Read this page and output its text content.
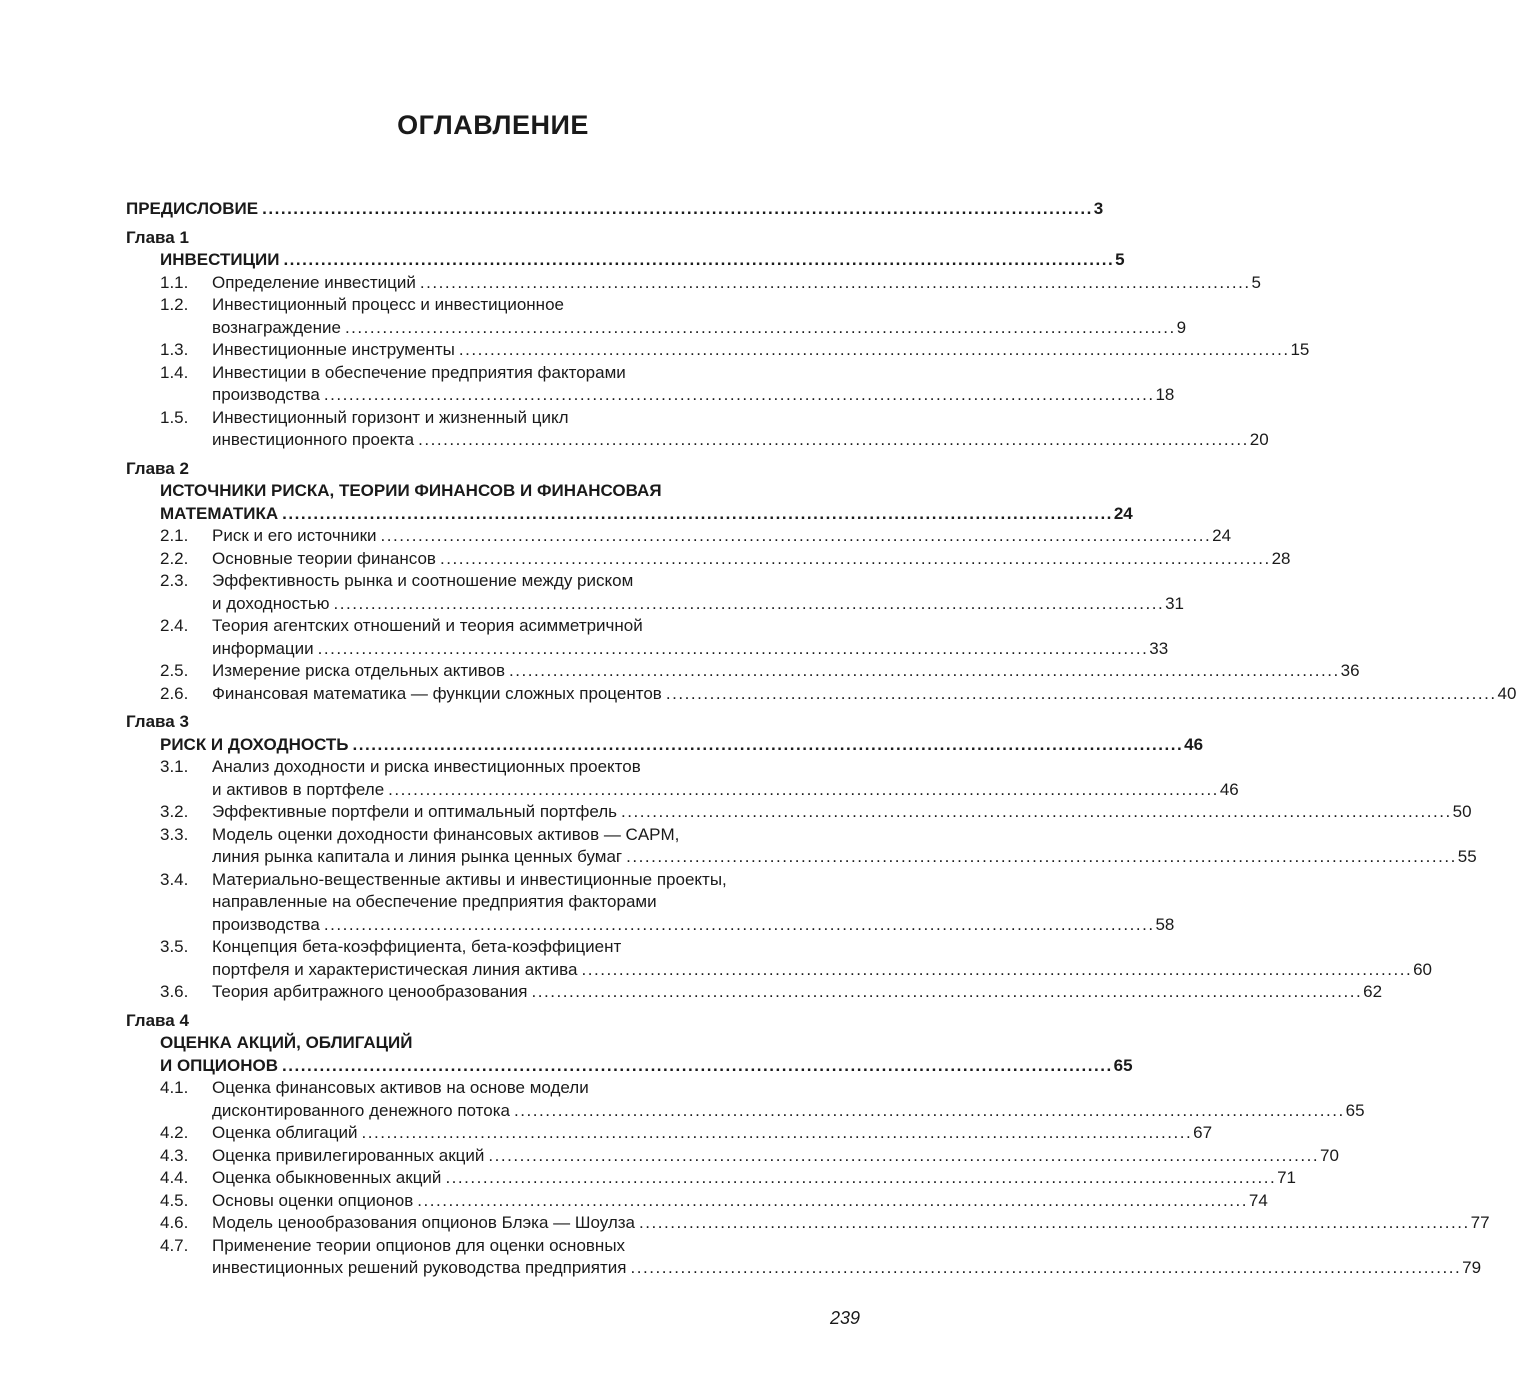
ОГЛАВЛЕНИЕ
ПРЕДИСЛОВИЕ . . .	3
Глава 1
ИНВЕСТИЦИИ . . .	5
1.1.	Определение инвестиций . . .	5
1.2.	Инвестиционный процесс и инвестиционное
вознаграждение . . .	9
1.3.	Инвестиционные инструменты . . .	15
1.4.	Инвестиции в обеспечение предприятия факторами
производства . . .	18
1.5.	Инвестиционный горизонт и жизненный цикл
инвестиционного проекта . . .	20
Глава 2
ИСТОЧНИКИ РИСКА, ТЕОРИИ ФИНАНСОВ И ФИНАНСОВАЯ
МАТЕМАТИКА . . .	24
2.1.	Риск и его источники . . .	24
2.2.	Основные теории финансов . . .	28
2.3.	Эффективность рынка и соотношение между риском
и доходностью . . .	31
2.4.	Теория агентских отношений и теория асимметричной
информации . . .	33
2.5.	Измерение риска отдельных активов . . .	36
2.6.	Финансовая математика — функции сложных процентов . . .	40
Глава 3
РИСК И ДОХОДНОСТЬ . . .	46
3.1.	Анализ доходности и риска инвестиционных проектов
и активов в портфеле . . .	46
3.2.	Эффективные портфели и оптимальный портфель . . .	50
3.3.	Модель оценки доходности финансовых активов — CAPM,
линия рынка капитала и линия рынка ценных бумаг . . .	55
3.4.	Материально-вещественные активы и инвестиционные проекты,
направленные на обеспечение предприятия факторами
производства . . .	58
3.5.	Концепция бета-коэффициента, бета-коэффициент
портфеля и характеристическая линия актива . . .	60
3.6.	Теория арбитражного ценообразования . . .	62
Глава 4
ОЦЕНКА АКЦИЙ, ОБЛИГАЦИЙ
И ОПЦИОНОВ . . .	65
4.1.	Оценка финансовых активов на основе модели
дисконтированного денежного потока . . .	65
4.2.	Оценка облигаций . . .	67
4.3.	Оценка привилегированных акций . . .	70
4.4.	Оценка обыкновенных акций . . .	71
4.5.	Основы оценки опционов . . .	74
4.6.	Модель ценообразования опционов Блэка — Шоулза . . .	77
4.7.	Применение теории опционов для оценки основных
инвестиционных решений руководства предприятия . . .	79
239
